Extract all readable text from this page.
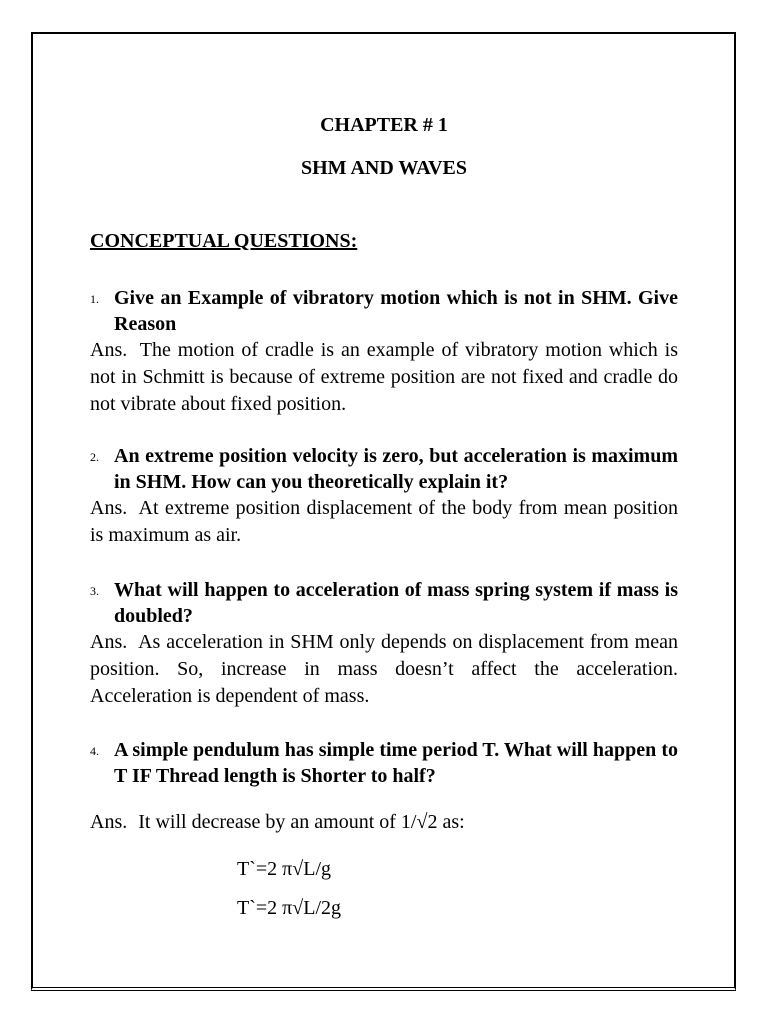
CHAPTER # 1
SHM AND WAVES
CONCEPTUAL QUESTIONS:

1. Give an Example of vibratory motion which is not in SHM. Give Reason

Ans. The motion of cradle is an example of vibratory motion which is not in Schmitt is because of extreme position are not fixed and cradle do not vibrate about fixed position.

2. An extreme position velocity is zero, but acceleration is maximum in SHM. How can you theoretically explain it?

Ans. At extreme position displacement of the body from mean position is maximum as air.

3. What will happen to acceleration of mass spring system if mass is doubled?

Ans. As acceleration in SHM only depends on displacement from mean position. So, increase in mass doesn’t affect the acceleration. Acceleration is dependent of mass.

4. A simple pendulum has simple time period T. What will happen to T IF Thread length is Shorter to half?

Ans. It will decrease by an amount of 1/√2 as:

T`=2 π√L/g

T`=2 π√L/2g
